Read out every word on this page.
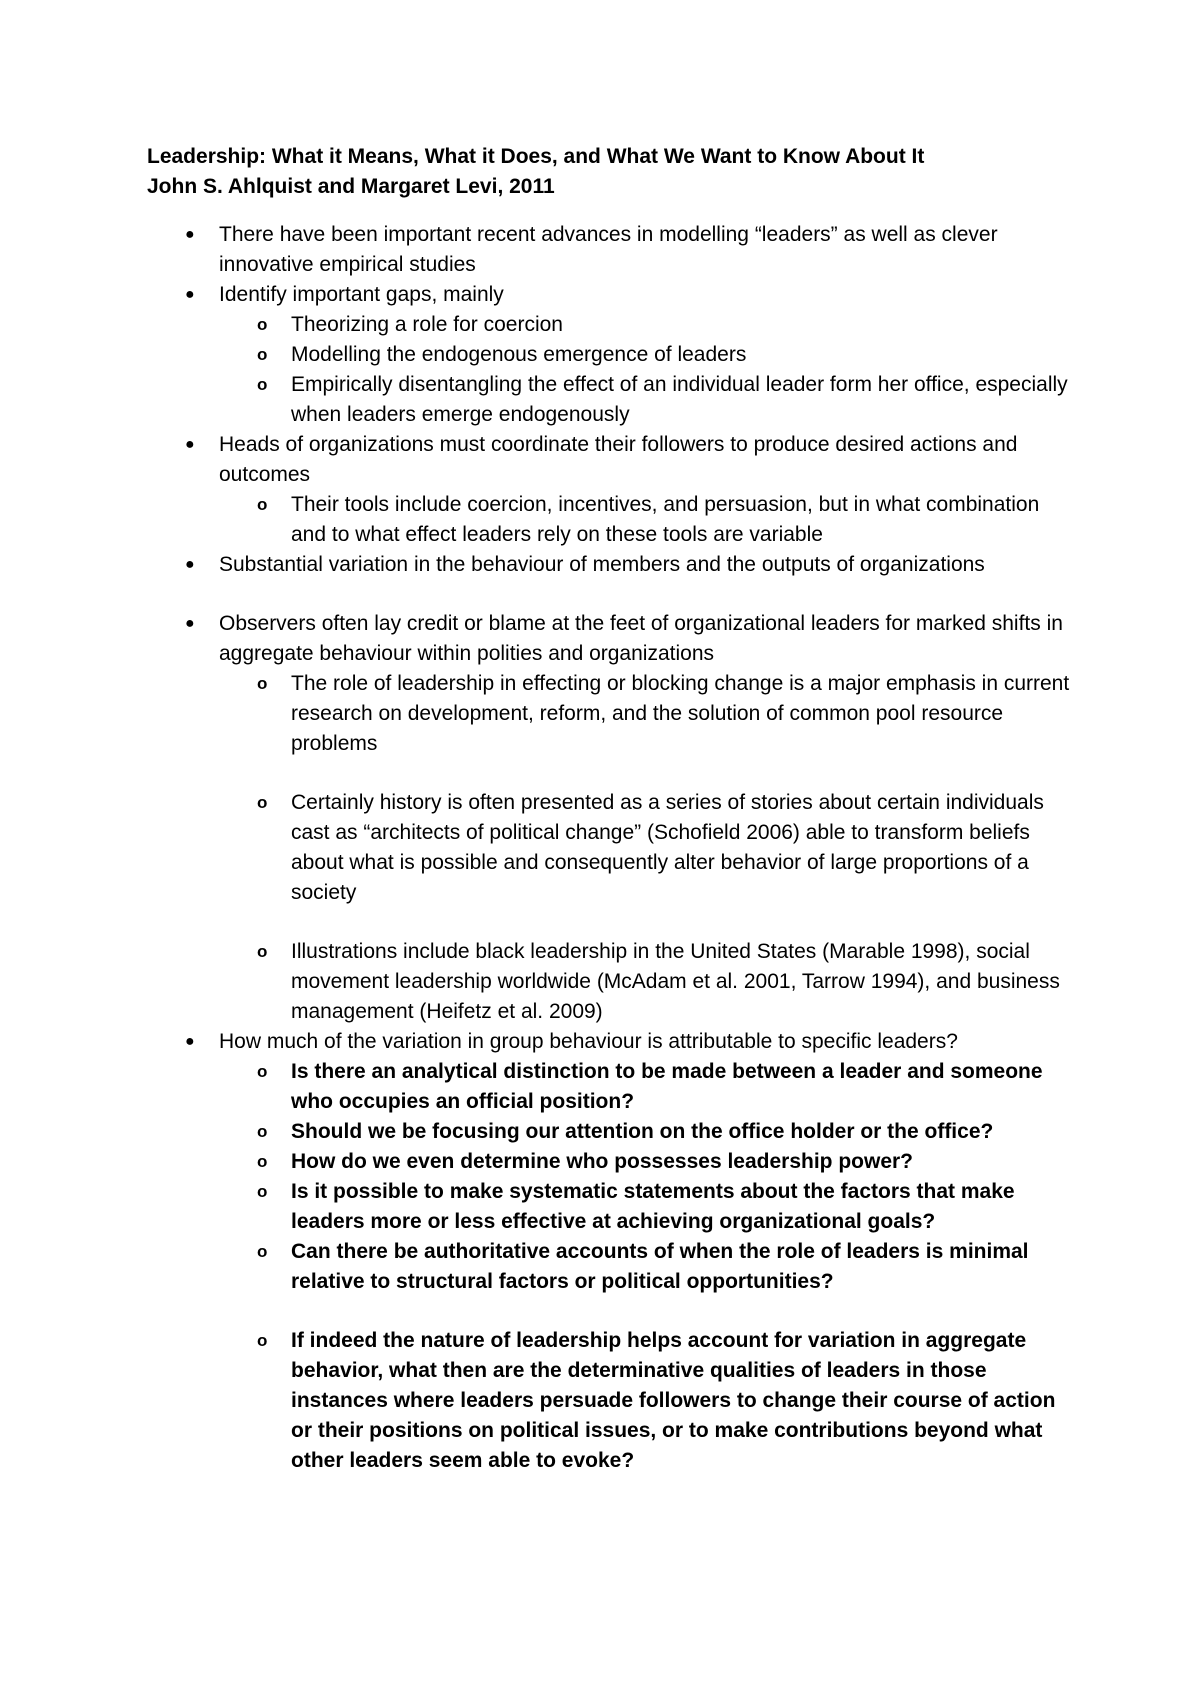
Leadership: What it Means, What it Does, and What We Want to Know About It
John S. Ahlquist and Margaret Levi, 2011
● There have been important recent advances in modelling “leaders” as well as clever innovative empirical studies
● Identify important gaps, mainly
o Theorizing a role for coercion
o Modelling the endogenous emergence of leaders
o Empirically disentangling the effect of an individual leader form her office, especially when leaders emerge endogenously
● Heads of organizations must coordinate their followers to produce desired actions and outcomes
o Their tools include coercion, incentives, and persuasion, but in what combination and to what effect leaders rely on these tools are variable
● Substantial variation in the behaviour of members and the outputs of organizations
● Observers often lay credit or blame at the feet of organizational leaders for marked shifts in aggregate behaviour within polities and organizations
o The role of leadership in effecting or blocking change is a major emphasis in current research on development, reform, and the solution of common pool resource problems
o Certainly history is often presented as a series of stories about certain individuals cast as “architects of political change” (Schofield 2006) able to transform beliefs about what is possible and consequently alter behavior of large proportions of a society
o Illustrations include black leadership in the United States (Marable 1998), social movement leadership worldwide (McAdam et al. 2001, Tarrow 1994), and business management (Heifetz et al. 2009)
● How much of the variation in group behaviour is attributable to specific leaders?
o Is there an analytical distinction to be made between a leader and someone who occupies an official position?
o Should we be focusing our attention on the office holder or the office?
o How do we even determine who possesses leadership power?
o Is it possible to make systematic statements about the factors that make leaders more or less effective at achieving organizational goals?
o Can there be authoritative accounts of when the role of leaders is minimal relative to structural factors or political opportunities?
o If indeed the nature of leadership helps account for variation in aggregate behavior, what then are the determinative qualities of leaders in those instances where leaders persuade followers to change their course of action or their positions on political issues, or to make contributions beyond what other leaders seem able to evoke?
